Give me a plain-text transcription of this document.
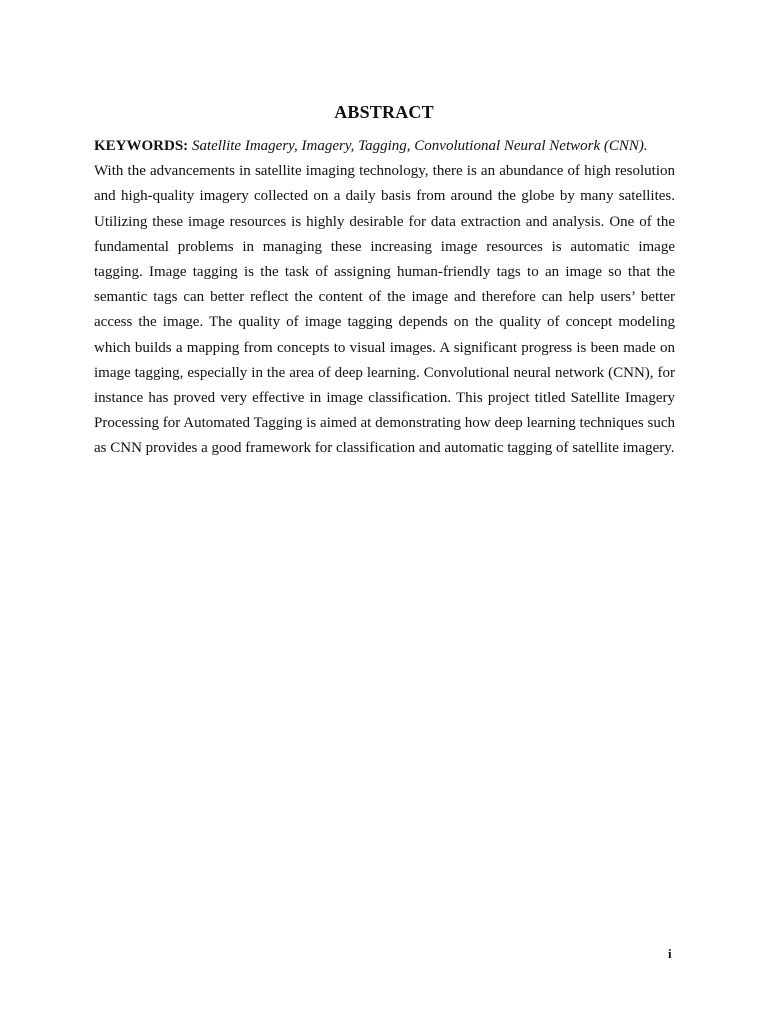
ABSTRACT

KEYWORDS: Satellite Imagery, Imagery, Tagging, Convolutional Neural Network (CNN).

With the advancements in satellite imaging technology, there is an abundance of high resolution and high-quality imagery collected on a daily basis from around the globe by many satellites. Utilizing these image resources is highly desirable for data extraction and analysis. One of the fundamental problems in managing these increasing image resources is automatic image tagging. Image tagging is the task of assigning human-friendly tags to an image so that the semantic tags can better reflect the content of the image and therefore can help users’ better access the image. The quality of image tagging depends on the quality of concept modeling which builds a mapping from concepts to visual images. A significant progress is been made on image tagging, especially in the area of deep learning. Convolutional neural network (CNN), for instance has proved very effective in image classification. This project titled Satellite Imagery Processing for Automated Tagging is aimed at demonstrating how deep learning techniques such as CNN provides a good framework for classification and automatic tagging of satellite imagery.

i
